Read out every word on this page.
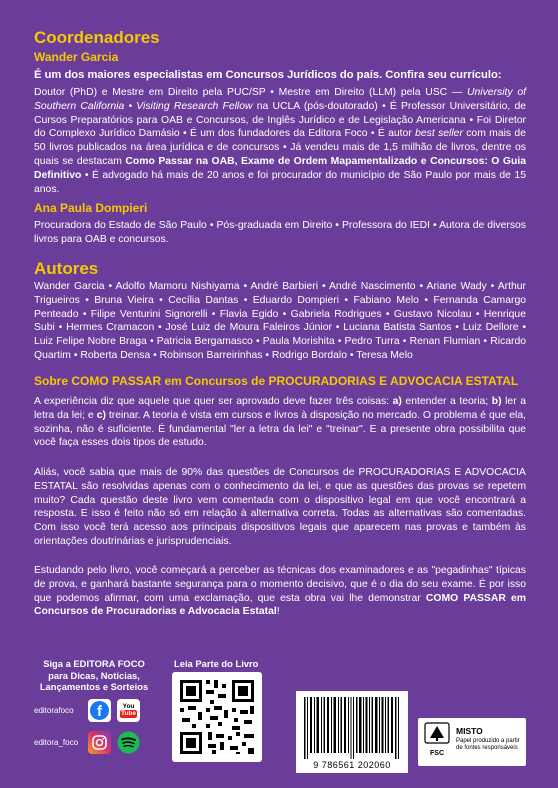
Coordenadores
Wander Garcia
É um dos maiores especialistas em Concursos Jurídicos do país. Confira seu currículo:
Doutor (PhD) e Mestre em Direito pela PUC/SP • Mestre em Direito (LLM) pela USC — University of Southern California • Visiting Research Fellow na UCLA (pós-doutorado) • É Professor Universitário, de Cursos Preparatórios para OAB e Concursos, de Inglês Jurídico e de Legislação Americana • Foi Diretor do Complexo Jurídico Damásio • É um dos fundadores da Editora Foco • É autor best seller com mais de 50 livros publicados na área jurídica e de concursos • Já vendeu mais de 1,5 milhão de livros, dentre os quais se destacam Como Passar na OAB, Exame de Ordem Mapamentalizado e Concursos: O Guia Definitivo • É advogado há mais de 20 anos e foi procurador do município de São Paulo por mais de 15 anos.
Ana Paula Dompieri
Procuradora do Estado de São Paulo • Pós-graduada em Direito • Professora do IEDI • Autora de diversos livros para OAB e concursos.
Autores
Wander Garcia • Adolfo Mamoru Nishiyama • André Barbieri • André Nascimento • Ariane Wady • Arthur Trigueiros • Bruna Vieira • Cecília Dantas • Eduardo Dompieri • Fabiano Melo • Fernanda Camargo Penteado • Filipe Venturini Signorelli • Flavia Egido • Gabriela Rodrigues • Gustavo Nicolau • Henrique Subi • Hermes Cramacon • José Luiz de Moura Faleiros Júnior • Luciana Batista Santos • Luiz Dellore • Luiz Felipe Nobre Braga • Patricia Bergamasco • Paula Morishita • Pedro Turra • Renan Flumian • Ricardo Quartim • Roberta Densa • Robinson Barreirinhas • Rodrigo Bordalo • Teresa Melo
Sobre COMO PASSAR em Concursos de PROCURADORIAS E ADVOCACIA ESTATAL
A experiência diz que aquele que quer ser aprovado deve fazer três coisas: a) entender a teoria; b) ler a letra da lei; e c) treinar. A teoria é vista em cursos e livros à disposição no mercado. O problema é que ela, sozinha, não é suficiente. É fundamental "ler a letra da lei" e "treinar". E a presente obra possibilita que você faça esses dois tipos de estudo.
Aliás, você sabia que mais de 90% das questões de Concursos de PROCURADORIAS E ADVOCACIA ESTATAL são resolvidas apenas com o conhecimento da lei, e que as questões das provas se repetem muito? Cada questão deste livro vem comentada com o dispositivo legal em que você encontrará a resposta. E isso é feito não só em relação à alternativa correta. Todas as alternativas são comentadas. Com isso você terá acesso aos principais dispositivos legais que aparecem nas provas e também às orientações doutrinárias e jurisprudenciais.
Estudando pelo livro, você começará a perceber as técnicas dos examinadores e as "pegadinhas" típicas de prova, e ganhará bastante segurança para o momento decisivo, que é o dia do seu exame. É por isso que podemos afirmar, com uma exclamação, que esta obra vai lhe demonstrar COMO PASSAR em Concursos de Procuradorias e Advocacia Estatal!
Siga a EDITORA FOCO para Dicas, Notícias, Lançamentos e Sorteios
editorafoco	f	You
Tube
editora_foco
Leia Parte do Livro
9 786561 202060
FSC
MISTO
Papel produzido a partir de fontes responsáveis
